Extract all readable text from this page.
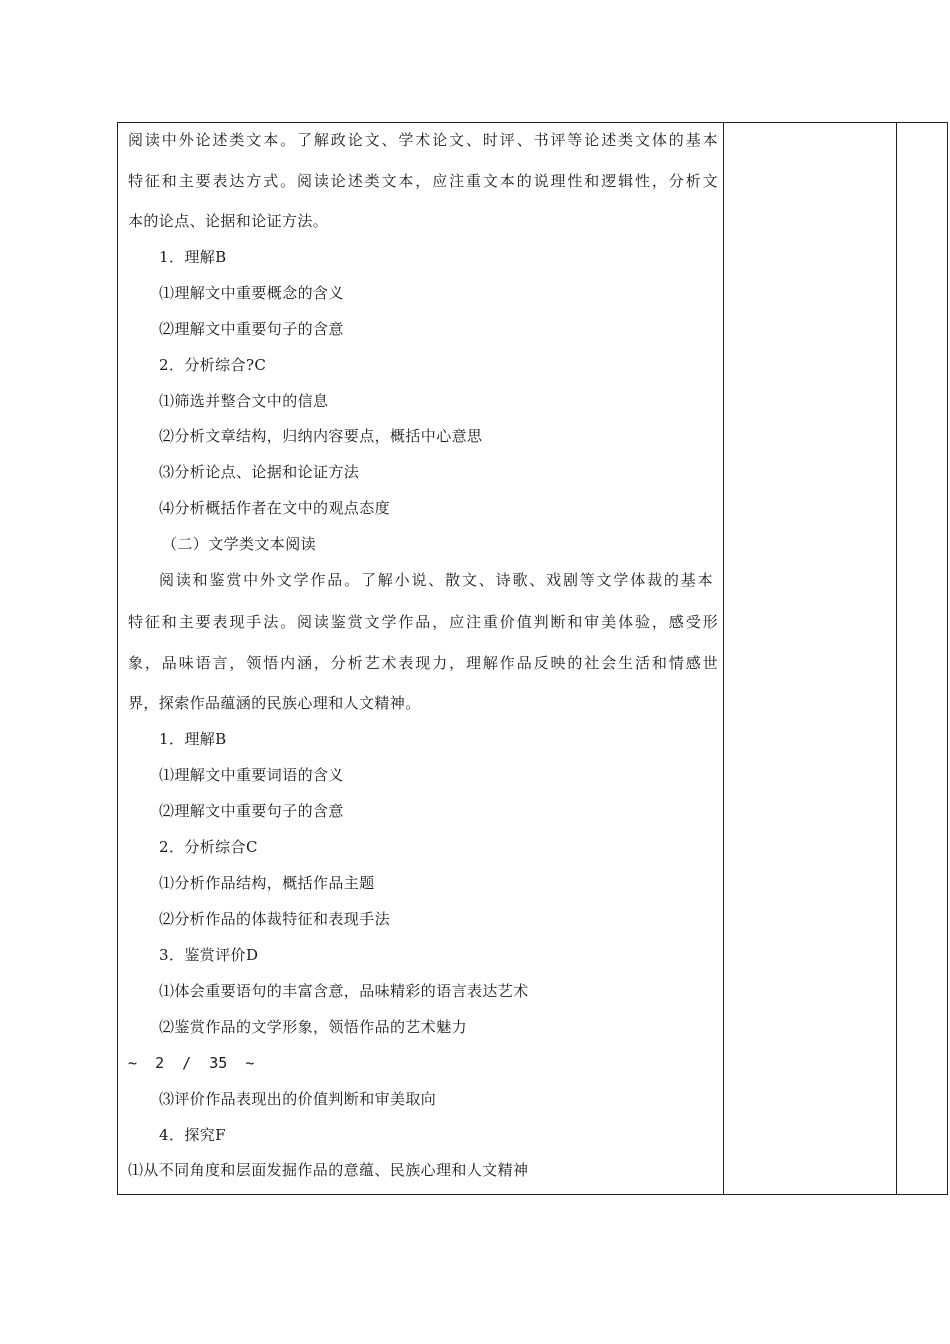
阅读中外论述类文本。了解政论文、学术论文、时评、书评等论述类文体的基本
特征和主要表达方式。阅读论述类文本，应注重文本的说理性和逻辑性，分析文
本的论点、论据和论证方法。
1．理解B
⑴理解文中重要概念的含义
⑵理解文中重要句子的含意
2．分析综合?C
⑴筛选并整合文中的信息
⑵分析文章结构，归纳内容要点，概括中心意思
⑶分析论点、论据和论证方法
⑷分析概括作者在文中的观点态度
（二）文学类文本阅读
阅读和鉴赏中外文学作品。了解小说、散文、诗歌、戏剧等文学体裁的基本
特征和主要表现手法。阅读鉴赏文学作品，应注重价值判断和审美体验，感受形
象，品味语言，领悟内涵，分析艺术表现力，理解作品反映的社会生活和情感世
界，探索作品蕴涵的民族心理和人文精神。
1．理解B
⑴理解文中重要词语的含义
⑵理解文中重要句子的含意
2．分析综合C
⑴分析作品结构，概括作品主题
⑵分析作品的体裁特征和表现手法
3．鉴赏评价D
⑴体会重要语句的丰富含意，品味精彩的语言表达艺术
⑵鉴赏作品的文学形象，领悟作品的艺术魅力
~  2  /  35  ~
⑶评价作品表现出的价值判断和审美取向
4．探究F
⑴从不同角度和层面发掘作品的意蕴、民族心理和人文精神
